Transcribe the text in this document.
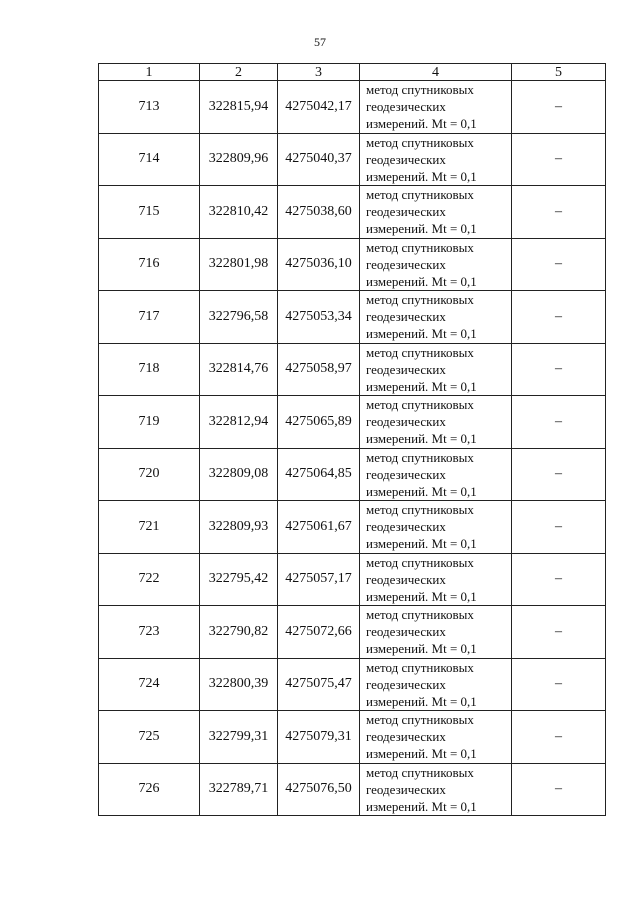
57
1	2	3	4	5
713	322815,94	4275042,17	метод спутниковых
геодезических
измерений. Mt = 0,1	–
714	322809,96	4275040,37	метод спутниковых
геодезических
измерений. Mt = 0,1	–
715	322810,42	4275038,60	метод спутниковых
геодезических
измерений. Mt = 0,1	–
716	322801,98	4275036,10	метод спутниковых
геодезических
измерений. Mt = 0,1	–
717	322796,58	4275053,34	метод спутниковых
геодезических
измерений. Mt = 0,1	–
718	322814,76	4275058,97	метод спутниковых
геодезических
измерений. Mt = 0,1	–
719	322812,94	4275065,89	метод спутниковых
геодезических
измерений. Mt = 0,1	–
720	322809,08	4275064,85	метод спутниковых
геодезических
измерений. Mt = 0,1	–
721	322809,93	4275061,67	метод спутниковых
геодезических
измерений. Mt = 0,1	–
722	322795,42	4275057,17	метод спутниковых
геодезических
измерений. Mt = 0,1	–
723	322790,82	4275072,66	метод спутниковых
геодезических
измерений. Mt = 0,1	–
724	322800,39	4275075,47	метод спутниковых
геодезических
измерений. Mt = 0,1	–
725	322799,31	4275079,31	метод спутниковых
геодезических
измерений. Mt = 0,1	–
726	322789,71	4275076,50	метод спутниковых
геодезических
измерений. Mt = 0,1	–
